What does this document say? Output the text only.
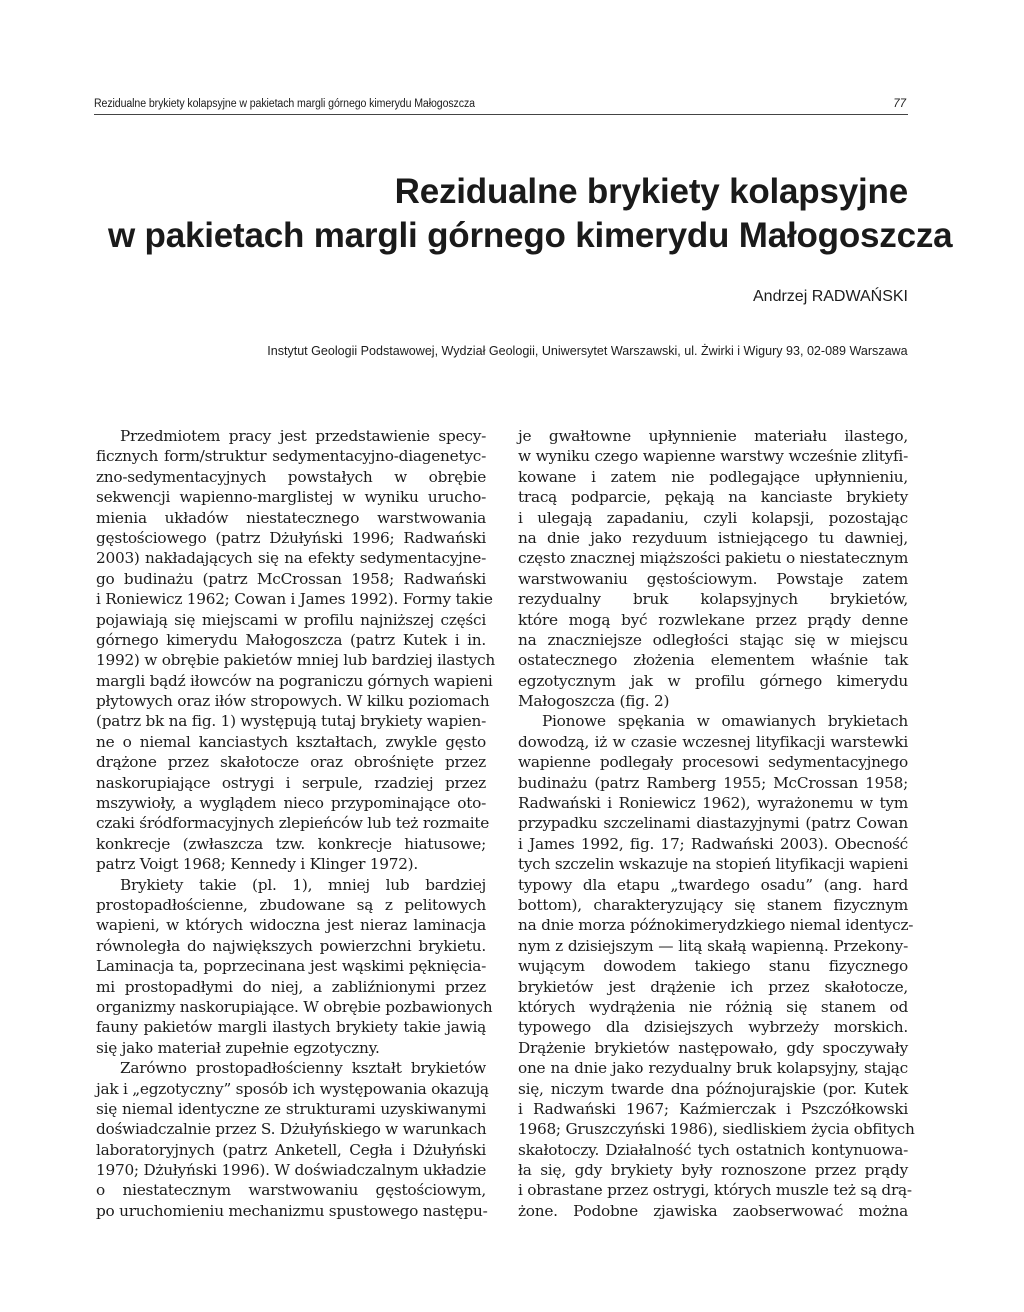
Rezidualne brykiety kolapsyjne w pakietach margli górnego kimerydu Małogoszcza	77
Rezidualne brykiety kolapsyjne
w pakietach margli górnego kimerydu Małogoszcza
Andrzej RADWAŃSKI
Instytut Geologii Podstawowej, Wydział Geologii, Uniwersytet Warszawski, ul. Żwirki i Wigury 93, 02-089 Warszawa
Przedmiotem pracy jest przedstawienie specy-
ficznych form/struktur sedymentacyjno-diagenetyc-
zno-sedymentacyjnych powstałych w obrębie
sekwencji wapienno-marglistej w wyniku urucho-
mienia układów niestatecznego warstwowania
gęstościowego (patrz Dżułyński 1996; Radwański
2003) nakładających się na efekty sedymentacyjne-
go budinażu (patrz McCrossan 1958; Radwański
i Roniewicz 1962; Cowan i James 1992). Formy takie
pojawiają się miejscami w profilu najniższej części
górnego kimerydu Małogoszcza (patrz Kutek i in.
1992) w obrębie pakietów mniej lub bardziej ilastych
margli bądź iłowców na pograniczu górnych wapieni
płytowych oraz iłów stropowych. W kilku poziomach
(patrz bk na fig. 1) występują tutaj brykiety wapien-
ne o niemal kanciastych kształtach, zwykle gęsto
drążone przez skałotocze oraz obrośnięte przez
naskorupiające ostrygi i serpule, rzadziej przez
mszywioły, a wyglądem nieco przypominające oto-
czaki śródformacyjnych zlepieńców lub też rozmaite
konkrecje (zwłaszcza tzw. konkrecje hiatusowe;
patrz Voigt 1968; Kennedy i Klinger 1972).
Brykiety takie (pl. 1), mniej lub bardziej
prostopadłościenne, zbudowane są z pelitowych
wapieni, w których widoczna jest nieraz laminacja
równoległa do największych powierzchni brykietu.
Laminacja ta, poprzecinana jest wąskimi pęknięcia-
mi prostopadłymi do niej, a zabliźnionymi przez
organizmy naskorupiające. W obrębie pozbawionych
fauny pakietów margli ilastych brykiety takie jawią
się jako materiał zupełnie egzotyczny.
Zarówno prostopadłościenny kształt brykietów
jak i „egzotyczny” sposób ich występowania okazują
się niemal identyczne ze strukturami uzyskiwanymi
doświadczalnie przez S. Dżułyńskiego w warunkach
laboratoryjnych (patrz Anketell, Cegła i Dżułyński
1970; Dżułyński 1996). W doświadczalnym układzie
o niestatecznym warstwowaniu gęstościowym,
po uruchomieniu mechanizmu spustowego następu-
je gwałtowne upłynnienie materiału ilastego,
w wyniku czego wapienne warstwy wcześnie zlityfi-
kowane i zatem nie podlegające upłynnieniu,
tracą podparcie, pękają na kanciaste brykiety
i ulegają zapadaniu, czyli kolapsji, pozostając
na dnie jako rezyduum istniejącego tu dawniej,
często znacznej miąższości pakietu o niestatecznym
warstwowaniu gęstościowym. Powstaje zatem
rezydualny bruk kolapsyjnych brykietów,
które mogą być rozwlekane przez prądy denne
na znaczniejsze odległości stając się w miejscu
ostatecznego złożenia elementem właśnie tak
egzotycznym jak w profilu górnego kimerydu
Małogoszcza (fig. 2)
Pionowe spękania w omawianych brykietach
dowodzą, iż w czasie wczesnej lityfikacji warstewki
wapienne podlegały procesowi sedymentacyjnego
budinażu (patrz Ramberg 1955; McCrossan 1958;
Radwański i Roniewicz 1962), wyrażonemu w tym
przypadku szczelinami diastazyjnymi (patrz Cowan
i James 1992, fig. 17; Radwański 2003). Obecność
tych szczelin wskazuje na stopień lityfikacji wapieni
typowy dla etapu „twardego osadu” (ang. hard
bottom), charakteryzujący się stanem fizycznym
na dnie morza późnokimerydzkiego niemal identycz-
nym z dzisiejszym — litą skałą wapienną. Przekony-
wującym dowodem takiego stanu fizycznego
brykietów jest drążenie ich przez skałotocze,
których wydrążenia nie różnią się stanem od
typowego dla dzisiejszych wybrzeży morskich.
Drążenie brykietów następowało, gdy spoczywały
one na dnie jako rezydualny bruk kolapsyjny, stając
się, niczym twarde dna późnojurajskie (por. Kutek
i Radwański 1967; Kaźmierczak i Pszczółkowski
1968; Gruszczyński 1986), siedliskiem życia obfitych
skałotoczy. Działalność tych ostatnich kontynuowa-
ła się, gdy brykiety były roznoszone przez prądy
i obrastane przez ostrygi, których muszle też są drą-
żone. Podobne zjawiska zaobserwować można
